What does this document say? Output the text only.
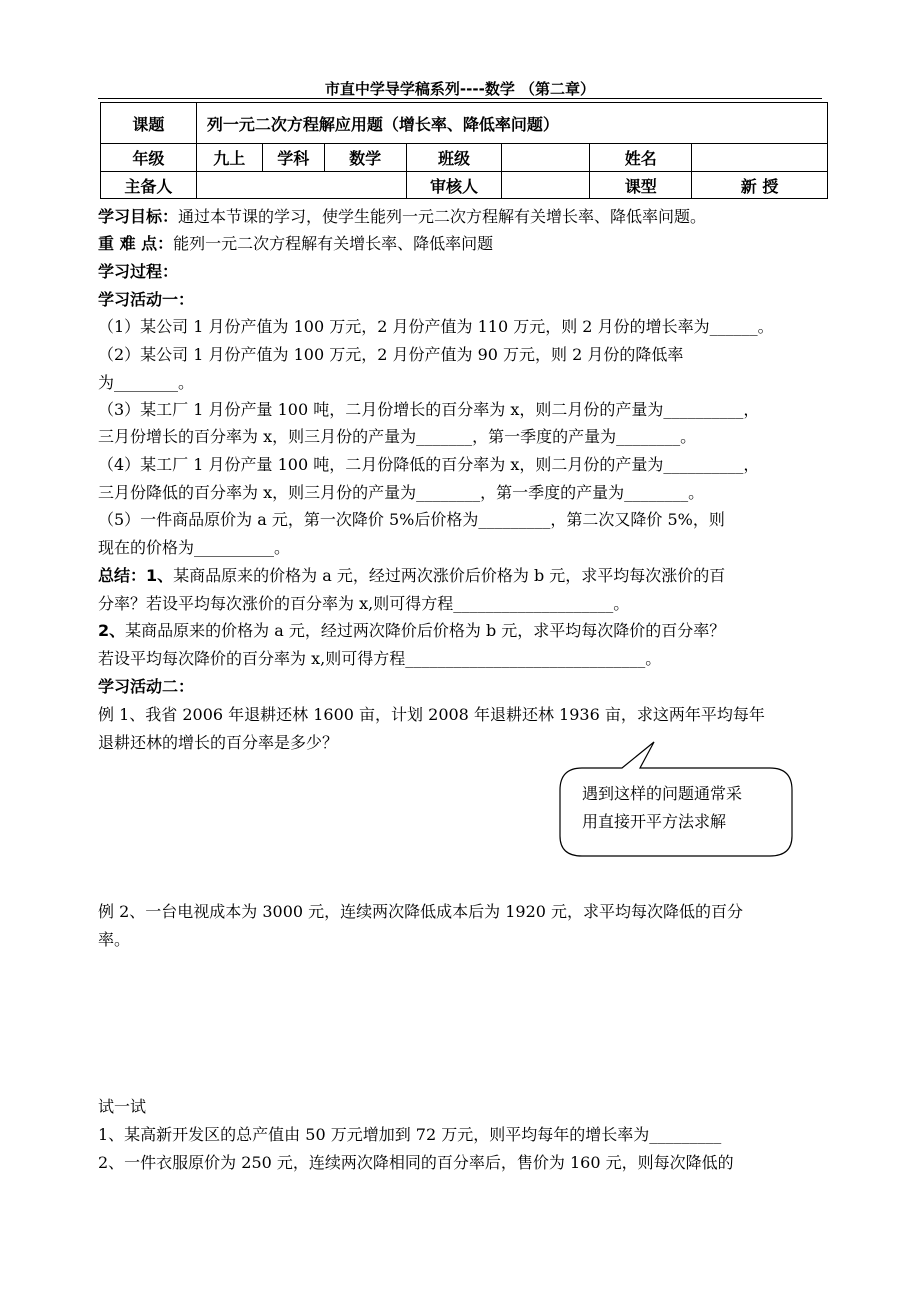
市直中学导学稿系列----数学 （第二章）
课题	列一元二次方程解应用题（增长率、降低率问题）						
年级	九上	学科	数学	班级		姓名	
主备人				审核人		课型	新 授
学习目标：通过本节课的学习，使学生能列一元二次方程解有关增长率、降低率问题。
重 难 点：能列一元二次方程解有关增长率、降低率问题
学习过程：
学习活动一：
（1）某公司 1 月份产值为 100 万元，2 月份产值为 110 万元，则 2 月份的增长率为______。
（2）某公司 1 月份产值为 100 万元，2 月份产值为 90 万元，则 2 月份的降低率
为________。
（3）某工厂 1 月份产量 100 吨，二月份增长的百分率为 x，则二月份的产量为__________，
三月份增长的百分率为 x，则三月份的产量为_______，第一季度的产量为________。
（4）某工厂 1 月份产量 100 吨，二月份降低的百分率为 x，则二月份的产量为__________，
三月份降低的百分率为 x，则三月份的产量为________，第一季度的产量为________。
（5）一件商品原价为 a 元，第一次降价 5%后价格为_________，第二次又降价 5%，则
现在的价格为__________。
总结：1、某商品原来的价格为 a 元，经过两次涨价后价格为 b 元，求平均每次涨价的百
分率？若设平均每次涨价的百分率为 x,则可得方程____________________。
2、某商品原来的价格为 a 元，经过两次降价后价格为 b 元，求平均每次降价的百分率？
若设平均每次降价的百分率为 x,则可得方程______________________________。
学习活动二：
例 1、我省 2006 年退耕还林 1600 亩，计划 2008 年退耕还林 1936 亩，求这两年平均每年
退耕还林的增长的百分率是多少？
遇到这样的问题通常采
用直接开平方法求解
例 2、一台电视成本为 3000 元，连续两次降低成本后为 1920 元，求平均每次降低的百分
率。
试一试
1、某高新开发区的总产值由 50 万元增加到 72 万元，则平均每年的增长率为_________
2、一件衣服原价为 250 元，连续两次降相同的百分率后，售价为 160 元，则每次降低的
